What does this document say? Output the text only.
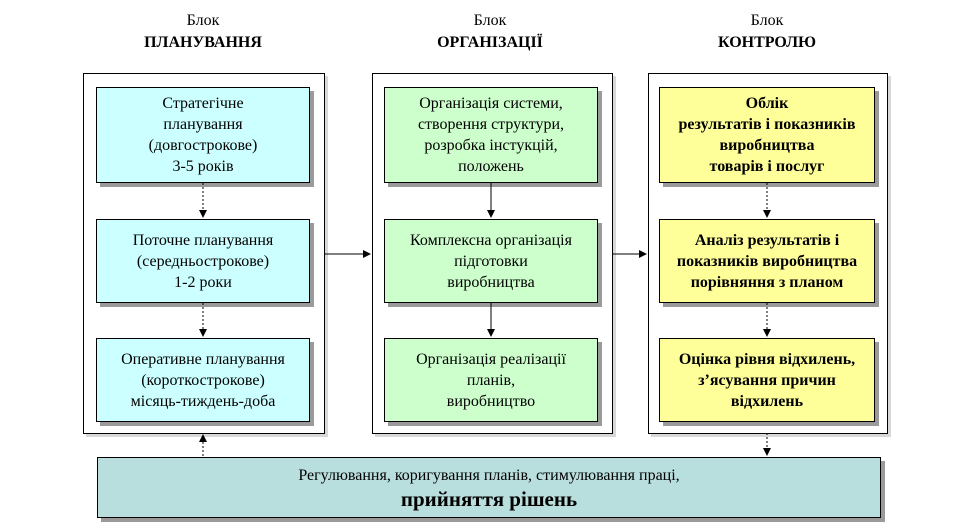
Блок
ПЛАНУВАННЯ
Блок
ОРГАНІЗАЦІЇ
Блок
КОНТРОЛЮ
Стратегічне
планування
(довгострокове)
3-5 років
Поточне планування
(середньострокове)
1-2 роки
Оперативне планування
(короткострокове)
місяць-тиждень-доба
Організація системи,
створення структури,
розробка інстукцій,
положень
Комплексна організація
підготовки
виробництва
Організація реалізації
планів,
виробництво
Облік
результатів і показників
виробництва
товарів і послуг
Аналіз результатів і
показників виробництва
порівняння з планом
Оцінка рівня відхилень,
з’ясування причин
відхилень
Регулювання, коригування планів, стимулювання праці,
прийняття рішень
